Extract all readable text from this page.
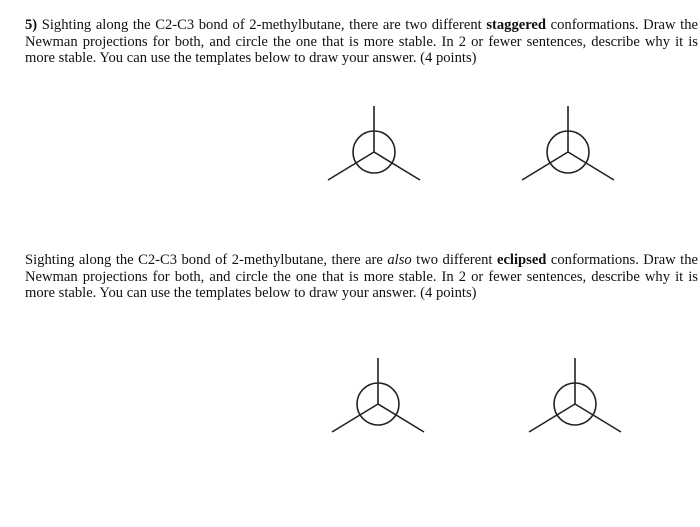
5) Sighting along the C2-C3 bond of 2-methylbutane, there are two different staggered conformations. Draw the Newman projections for both, and circle the one that is more stable. In 2 or fewer sentences, describe why it is more stable. You can use the templates below to draw your answer. (4 points)
Sighting along the C2-C3 bond of 2-methylbutane, there are also two different eclipsed conformations. Draw the Newman projections for both, and circle the one that is more stable. In 2 or fewer sentences, describe why it is more stable. You can use the templates below to draw your answer. (4 points)
